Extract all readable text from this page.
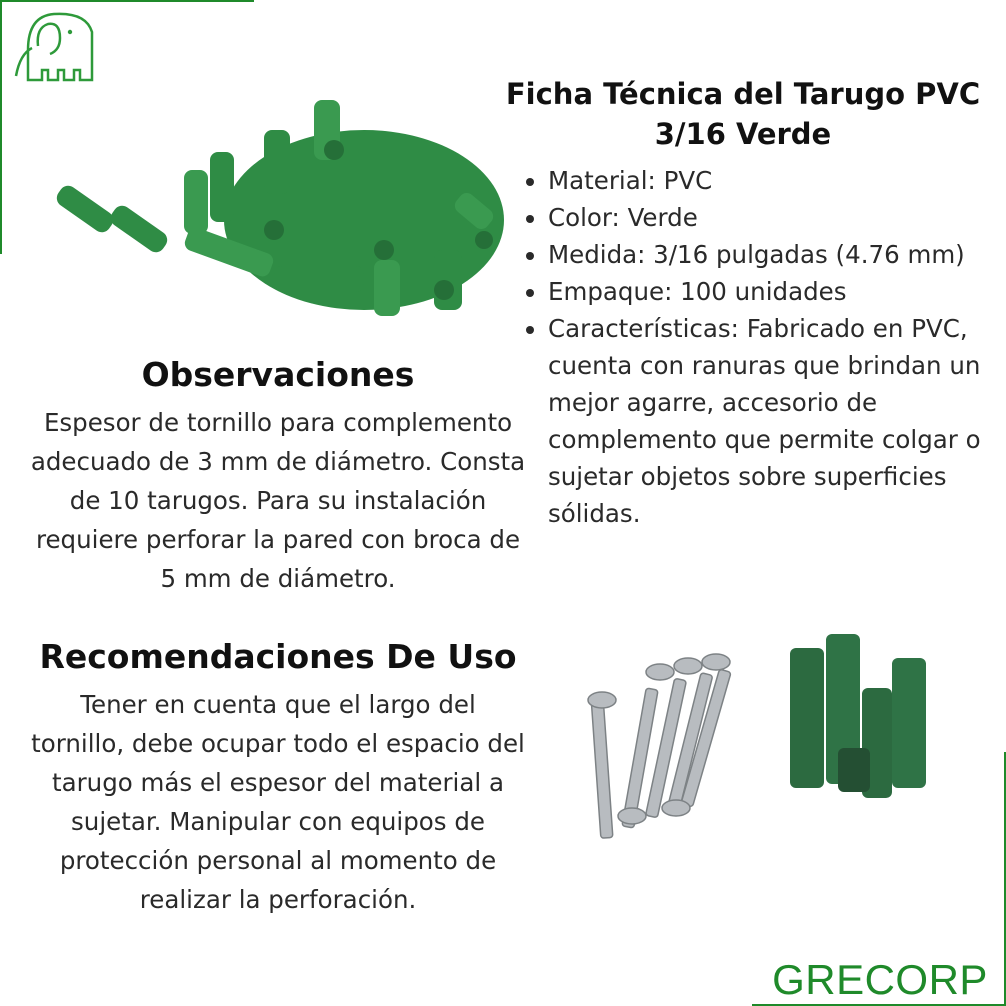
Ficha Técnica del Tarugo PVC 3/16 Verde
• Material: PVC
• Color: Verde
• Medida: 3/16 pulgadas (4.76 mm)
• Empaque: 100 unidades
• Características: Fabricado en PVC, cuenta con ranuras que brindan un mejor agarre, accesorio de complemento que permite colgar o sujetar objetos sobre superficies sólidas.
Observaciones
Espesor de tornillo para complemento adecuado de 3 mm de diámetro. Consta de 10 tarugos. Para su instalación requiere perforar la pared con broca de 5 mm de diámetro.
Recomendaciones De Uso
Tener en cuenta que el largo del tornillo, debe ocupar todo el espacio del tarugo más el espesor del material a sujetar. Manipular con equipos de protección personal al momento de realizar la perforación.
GRECORP
